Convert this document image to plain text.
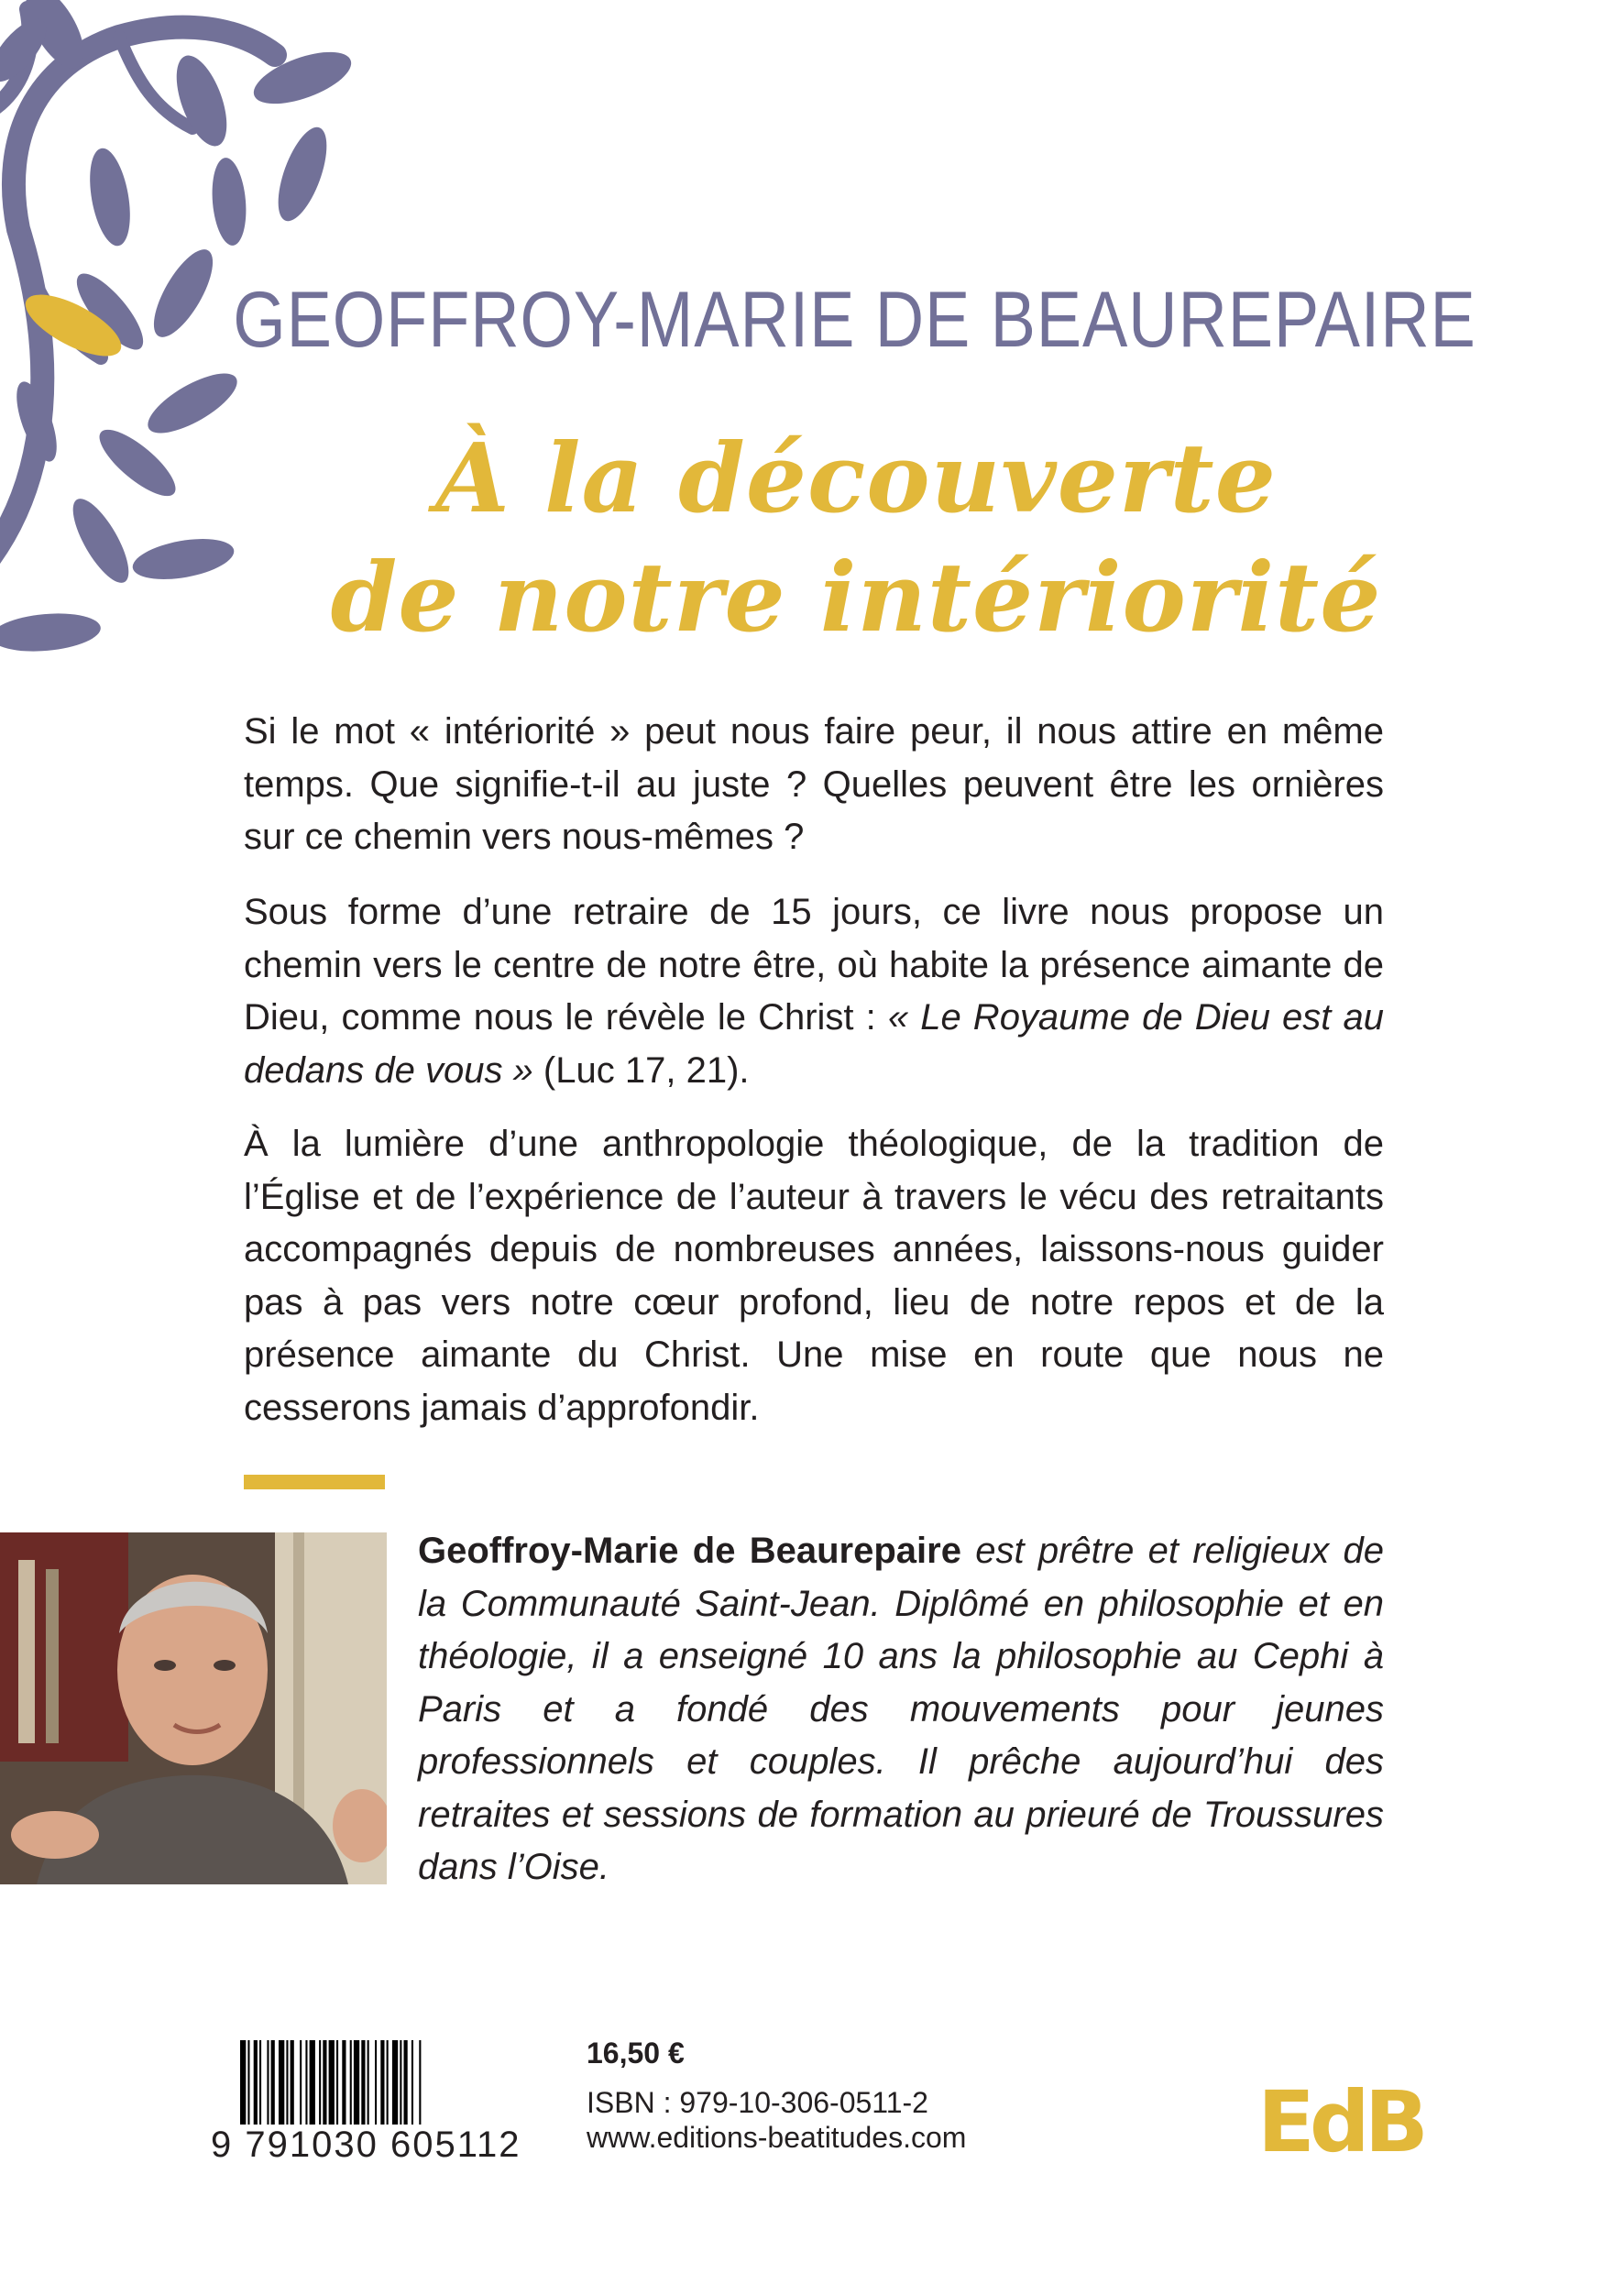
GEOFFROY-MARIE DE BEAUREPAIRE
À la découverte
de notre intériorité

Si le mot « intériorité » peut nous faire peur, il nous attire en même temps. Que signifie-t-il au juste ? Quelles peuvent être les ornières sur ce chemin vers nous-mêmes ?

Sous forme d’une retraire de 15 jours, ce livre nous propose un chemin vers le centre de notre être, où habite la présence aimante de Dieu, comme nous le révèle le Christ : « Le Royaume de Dieu est au dedans de vous » (Luc 17, 21).

À la lumière d’une anthropologie théologique, de la tradition de l’Église et de l’expérience de l’auteur à travers le vécu des retraitants accompagnés depuis de nombreuses années, laissons-nous guider pas à pas vers notre cœur profond, lieu de notre repos et de la présence aimante du Christ. Une mise en route que nous ne cesserons jamais d’approfondir.

Geoffroy-Marie de Beaurepaire est prêtre et religieux de la Communauté Saint-Jean. Diplômé en philosophie et en théologie, il a enseigné 10 ans la philosophie au Cephi à Paris et a fondé des mouvements pour jeunes professionnels et couples. Il prêche aujourd’hui des retraites et sessions de formation au prieuré de Troussures dans l’Oise.
9 791030 605112
16,50 €
ISBN : 979-10-306-0511-2
www.editions-beatitudes.com	EdB
